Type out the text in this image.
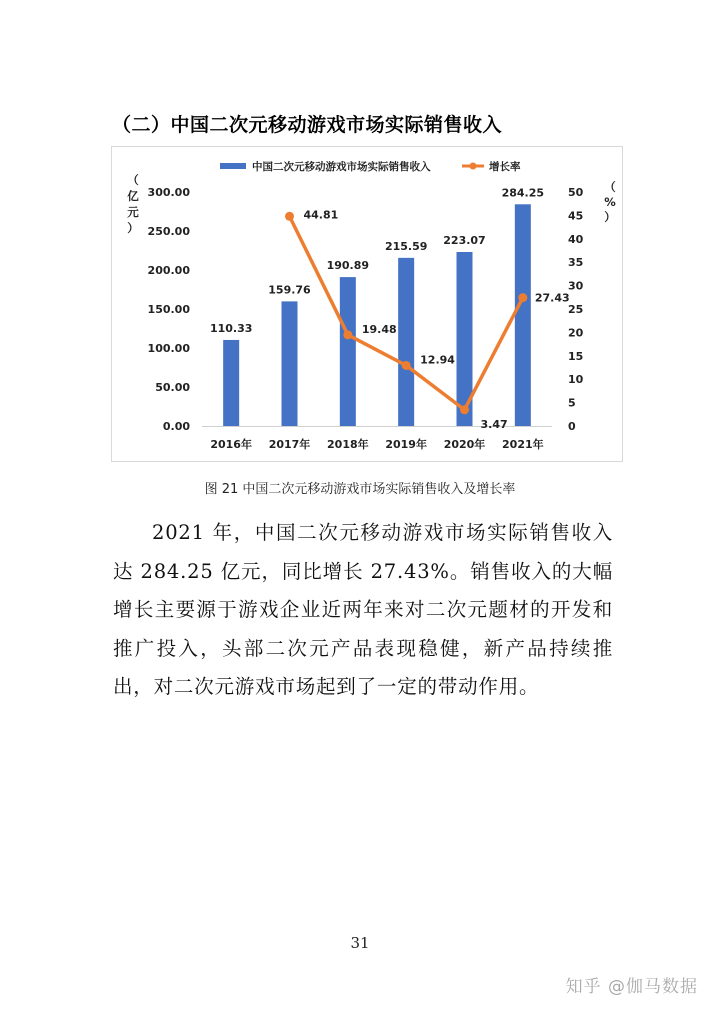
（二）中国二次元移动游戏市场实际销售收入
中国二次元移动游戏市场实际销售收入	增长率
0.00
50.00
100.00
150.00
200.00
250.00
300.00
0
5
10
15
20
25
30
35
40
45
50
（亿元）
（%）
110.33
2016年
159.76
2017年
190.89
2018年
215.59
2019年
223.07
2020年
284.25
2021年
44.81
19.48
12.94
3.47
27.43
图 21 中国二次元移动游戏市场实际销售收入及增长率

2021 年，中国二次元移动游戏市场实际销售收入达 284.25 亿元，同比增长 27.43%。销售收入的大幅增长主要源于游戏企业近两年来对二次元题材的开发和推广投入，头部二次元产品表现稳健，新产品持续推出，对二次元游戏市场起到了一定的带动作用。

31
知乎 @伽马数据
